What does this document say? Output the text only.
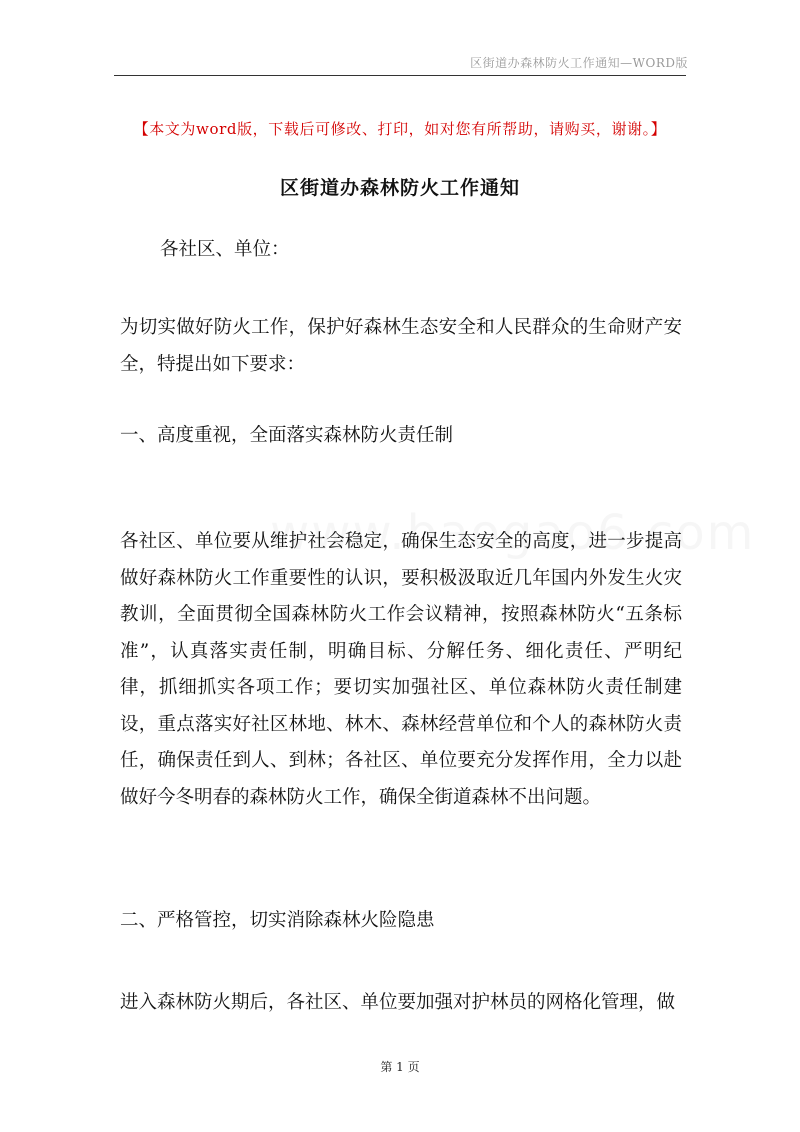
区街道办森林防火工作通知—WORD版
【本文为word版，下载后可修改、打印，如对您有所帮助，请购买，谢谢。】
区街道办森林防火工作通知

各社区、单位：

为切实做好防火工作，保护好森林生态安全和人民群众的生命财产安全，特提出如下要求：

一、高度重视，全面落实森林防火责任制

各社区、单位要从维护社会稳定，确保生态安全的高度，进一步提高做好森林防火工作重要性的认识，要积极汲取近几年国内外发生火灾教训，全面贯彻全国森林防火工作会议精神，按照森林防火“五条标准”，认真落实责任制，明确目标、分解任务、细化责任、严明纪律，抓细抓实各项工作；要切实加强社区、单位森林防火责任制建设，重点落实好社区林地、林木、森林经营单位和个人的森林防火责任，确保责任到人、到林；各社区、单位要充分发挥作用，全力以赴做好今冬明春的森林防火工作，确保全街道森林不出问题。

二、严格管控，切实消除森林火险隐患

进入森林防火期后，各社区、单位要加强对护林员的网格化管理，做

第 1 页
